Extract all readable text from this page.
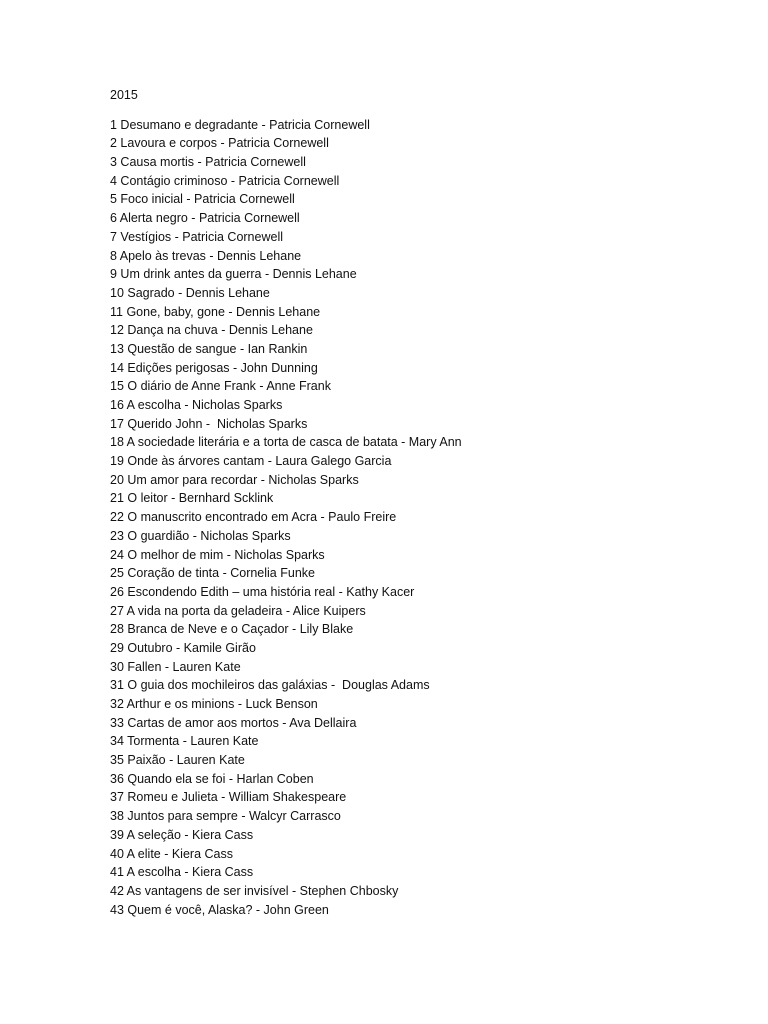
2015
1 Desumano e degradante - Patricia Cornewell
2 Lavoura e corpos - Patricia Cornewell
3 Causa mortis - Patricia Cornewell
4 Contágio criminoso - Patricia Cornewell
5 Foco inicial - Patricia Cornewell
6 Alerta negro - Patricia Cornewell
7 Vestígios - Patricia Cornewell
8 Apelo às trevas - Dennis Lehane
9 Um drink antes da guerra - Dennis Lehane
10 Sagrado - Dennis Lehane
11 Gone, baby, gone - Dennis Lehane
12 Dança na chuva - Dennis Lehane
13 Questão de sangue - Ian Rankin
14 Edições perigosas - John Dunning
15 O diário de Anne Frank - Anne Frank
16 A escolha - Nicholas Sparks
17 Querido John -  Nicholas Sparks
18 A sociedade literária e a torta de casca de batata - Mary Ann
19 Onde às árvores cantam - Laura Galego Garcia
20 Um amor para recordar - Nicholas Sparks
21 O leitor - Bernhard Scklink
22 O manuscrito encontrado em Acra - Paulo Freire
23 O guardião - Nicholas Sparks
24 O melhor de mim - Nicholas Sparks
25 Coração de tinta - Cornelia Funke
26 Escondendo Edith – uma história real - Kathy Kacer
27 A vida na porta da geladeira - Alice Kuipers
28 Branca de Neve e o Caçador - Lily Blake
29 Outubro - Kamile Girão
30 Fallen - Lauren Kate
31 O guia dos mochileiros das galáxias -  Douglas Adams
32 Arthur e os minions - Luck Benson
33 Cartas de amor aos mortos - Ava Dellaira
34 Tormenta - Lauren Kate
35 Paixão - Lauren Kate
36 Quando ela se foi - Harlan Coben
37 Romeu e Julieta - William Shakespeare
38 Juntos para sempre - Walcyr Carrasco
39 A seleção - Kiera Cass
40 A elite - Kiera Cass
41 A escolha - Kiera Cass
42 As vantagens de ser invisível - Stephen Chbosky
43 Quem é você, Alaska? - John Green
